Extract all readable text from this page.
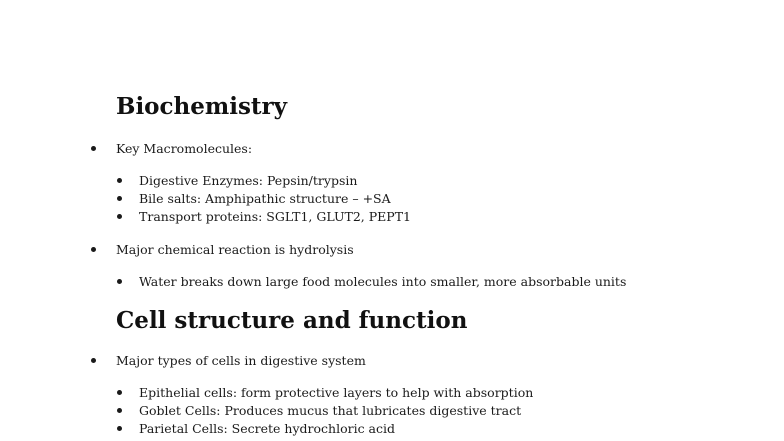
Biochemistry
Key Macromolecules:
Digestive Enzymes: Pepsin/trypsin
Bile salts: Amphipathic structure – +SA
Transport proteins: SGLT1, GLUT2, PEPT1
Major chemical reaction is hydrolysis
Water breaks down large food molecules into smaller, more absorbable units
Cell structure and function
Major types of cells in digestive system
Epithelial cells: form protective layers to help with absorption
Goblet Cells: Produces mucus that lubricates digestive tract
Parietal Cells: Secrete hydrochloric acid
